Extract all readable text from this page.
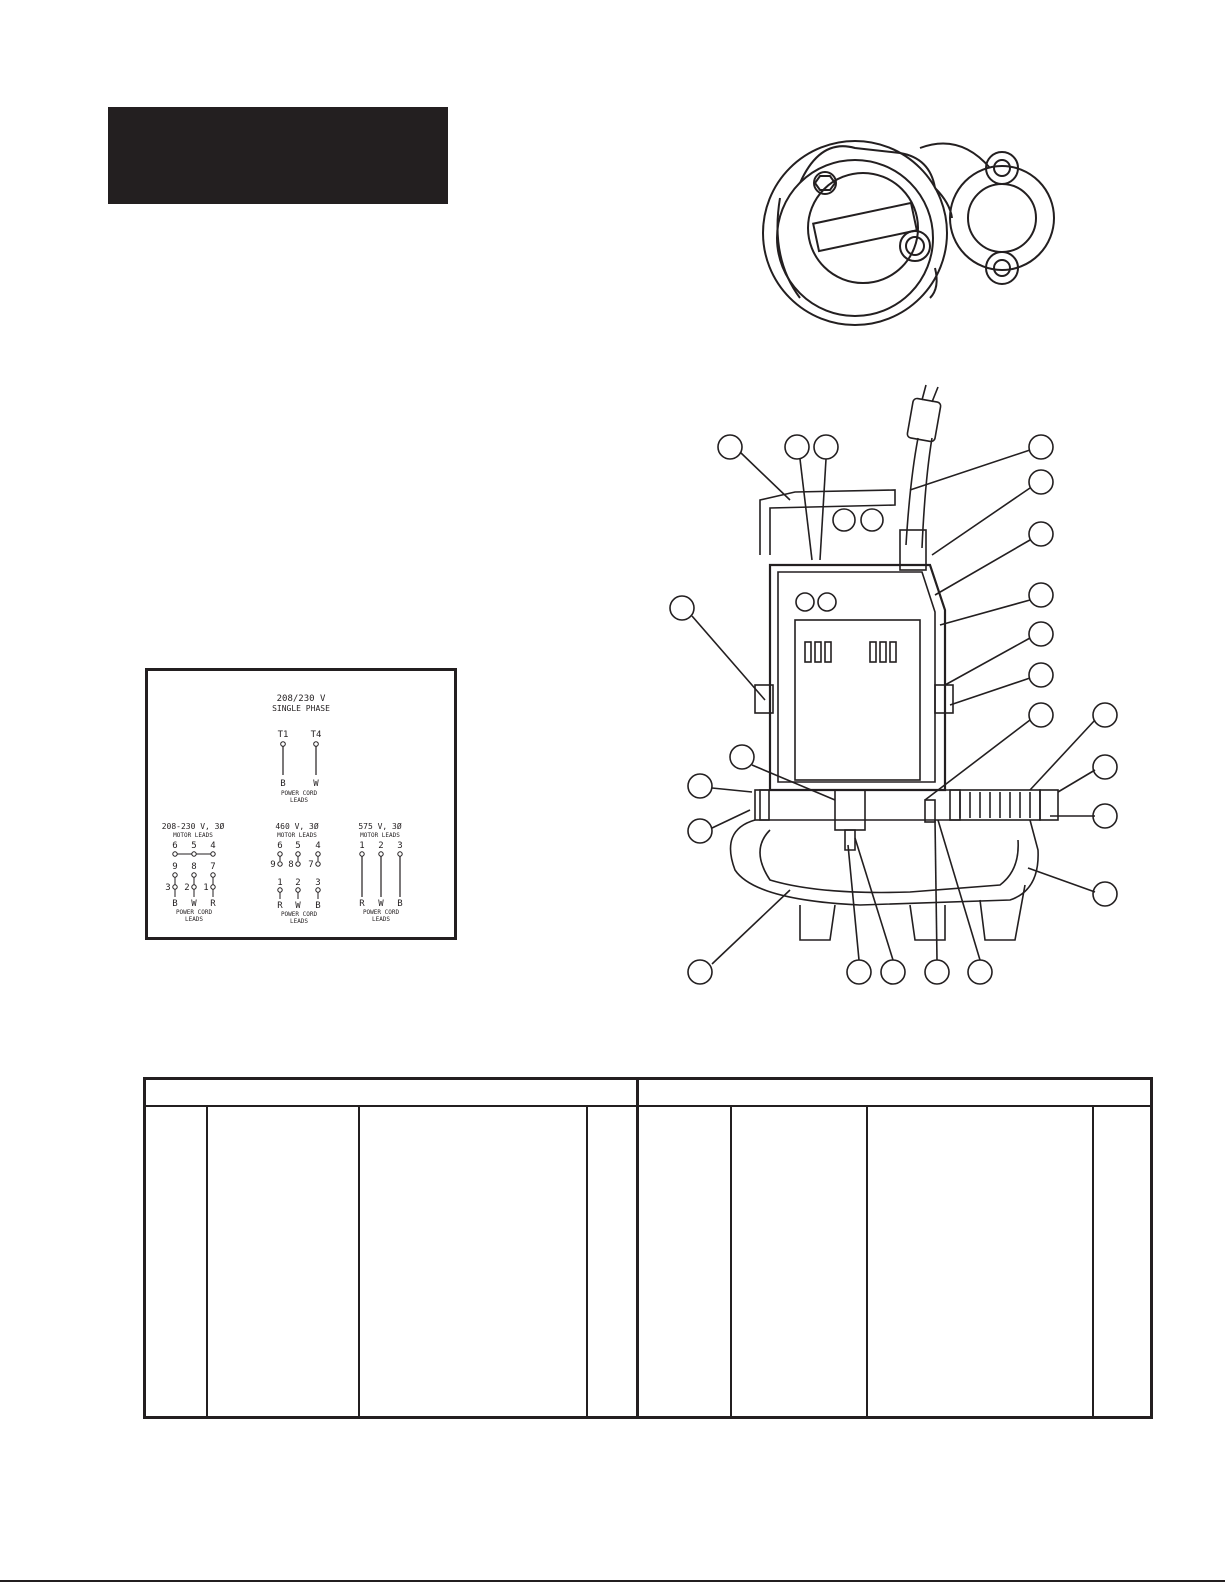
208/230 V
SINGLE PHASE
T1 T4
B	W
POWER CORD
LEADS
208-230 V, 3Ø
MOTOR LEADS
6 5 4
9 8 7
3 2 1
B W R
POWER CORD
LEADS
460 V, 3Ø
MOTOR LEADS
6 5 4
9 8 7
1 2 3
R W B
POWER CORD
LEADS
575 V, 3Ø
MOTOR LEADS
1 2 3
R W B
POWER CORD
LEADS
